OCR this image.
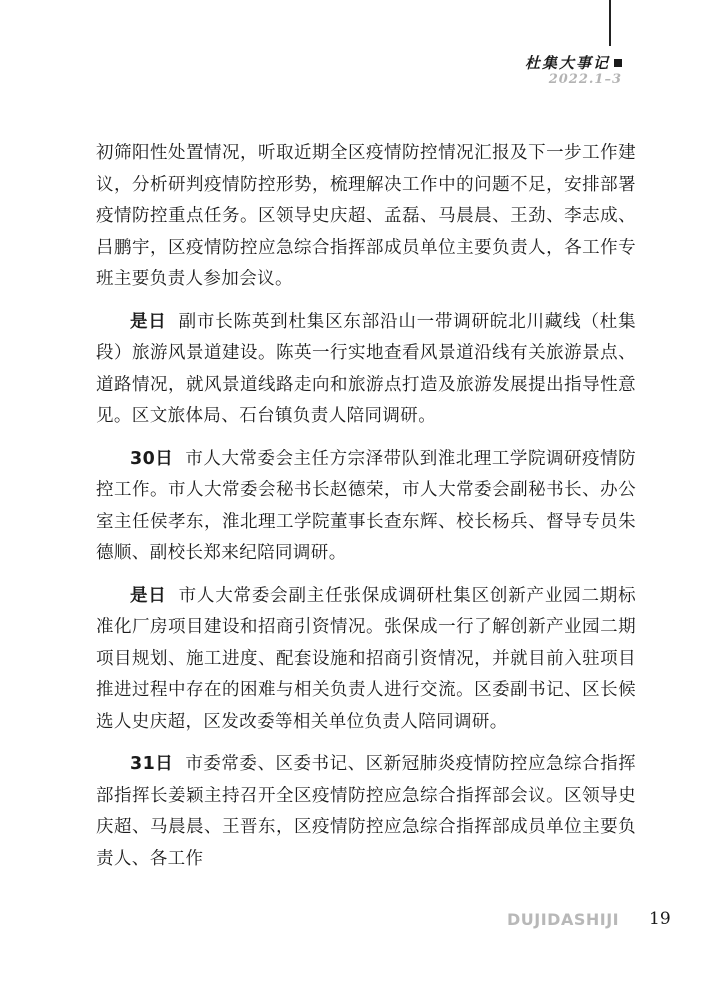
杜集大事记
2022.1–3

初筛阳性处置情况，听取近期全区疫情防控情况汇报及下一步工作建议，分析研判疫情防控形势，梳理解决工作中的问题不足，安排部署疫情防控重点任务。区领导史庆超、孟磊、马晨晨、王劲、李志成、吕鹏宇，区疫情防控应急综合指挥部成员单位主要负责人，各工作专班主要负责人参加会议。

是日 副市长陈英到杜集区东部沿山一带调研皖北川藏线（杜集段）旅游风景道建设。陈英一行实地查看风景道沿线有关旅游景点、道路情况，就风景道线路走向和旅游点打造及旅游发展提出指导性意见。区文旅体局、石台镇负责人陪同调研。

30日 市人大常委会主任方宗泽带队到淮北理工学院调研疫情防控工作。市人大常委会秘书长赵德荣，市人大常委会副秘书长、办公室主任侯孝东，淮北理工学院董事长查东辉、校长杨兵、督导专员朱德顺、副校长郑来纪陪同调研。

是日 市人大常委会副主任张保成调研杜集区创新产业园二期标准化厂房项目建设和招商引资情况。张保成一行了解创新产业园二期项目规划、施工进度、配套设施和招商引资情况，并就目前入驻项目推进过程中存在的困难与相关负责人进行交流。区委副书记、区长候选人史庆超，区发改委等相关单位负责人陪同调研。

31日 市委常委、区委书记、区新冠肺炎疫情防控应急综合指挥部指挥长姜颖主持召开全区疫情防控应急综合指挥部会议。区领导史庆超、马晨晨、王晋东，区疫情防控应急综合指挥部成员单位主要负责人、各工作

DUJIDASHIJI 19
